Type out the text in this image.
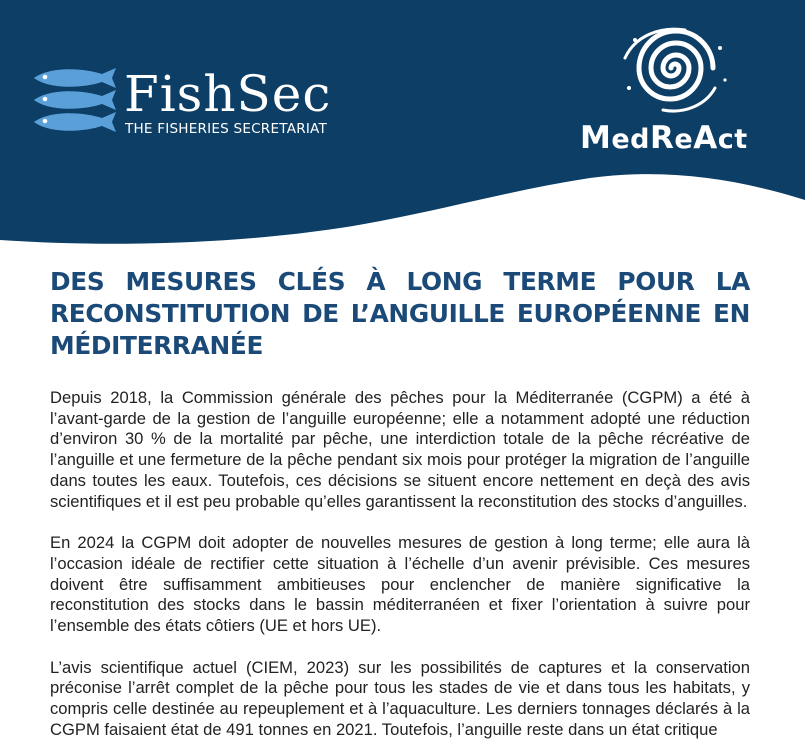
FishSec
THE FISHERIES SECRETARIAT	MedReAct
DES MESURES CLÉS À LONG TERME POUR LA RECONSTITUTION DE L’ANGUILLE EUROPÉENNE EN MÉDITERRANÉE

Depuis 2018, la Commission générale des pêches pour la Méditerranée (CGPM) a été à l’avant-garde de la gestion de l’anguille européenne; elle a notamment adopté une réduction d’environ 30 % de la mortalité par pêche, une interdiction totale de la pêche récréative de l’anguille et une fermeture de la pêche pendant six mois pour protéger la migration de l’anguille dans toutes les eaux. Toutefois, ces décisions se situent encore nettement en deçà des avis scientifiques et il est peu probable qu’elles garantissent la reconstitution des stocks d’anguilles.

En 2024 la CGPM doit adopter de nouvelles mesures de gestion à long terme; elle aura là l’occasion idéale de rectifier cette situation à l’échelle d’un avenir prévisible. Ces mesures doivent être suffisamment ambitieuses pour enclencher de manière significative la reconstitution des stocks dans le bassin méditerranéen et fixer l’orientation à suivre pour l’ensemble des états côtiers (UE et hors UE).

L’avis scientifique actuel (CIEM, 2023) sur les possibilités de captures et la conservation préconise l’arrêt complet de la pêche pour tous les stades de vie et dans tous les habitats, y compris celle destinée au repeuplement et à l’aquaculture. Les derniers tonnages déclarés à la CGPM faisaient état de 491 tonnes en 2021. Toutefois, l’anguille reste dans un état critique
